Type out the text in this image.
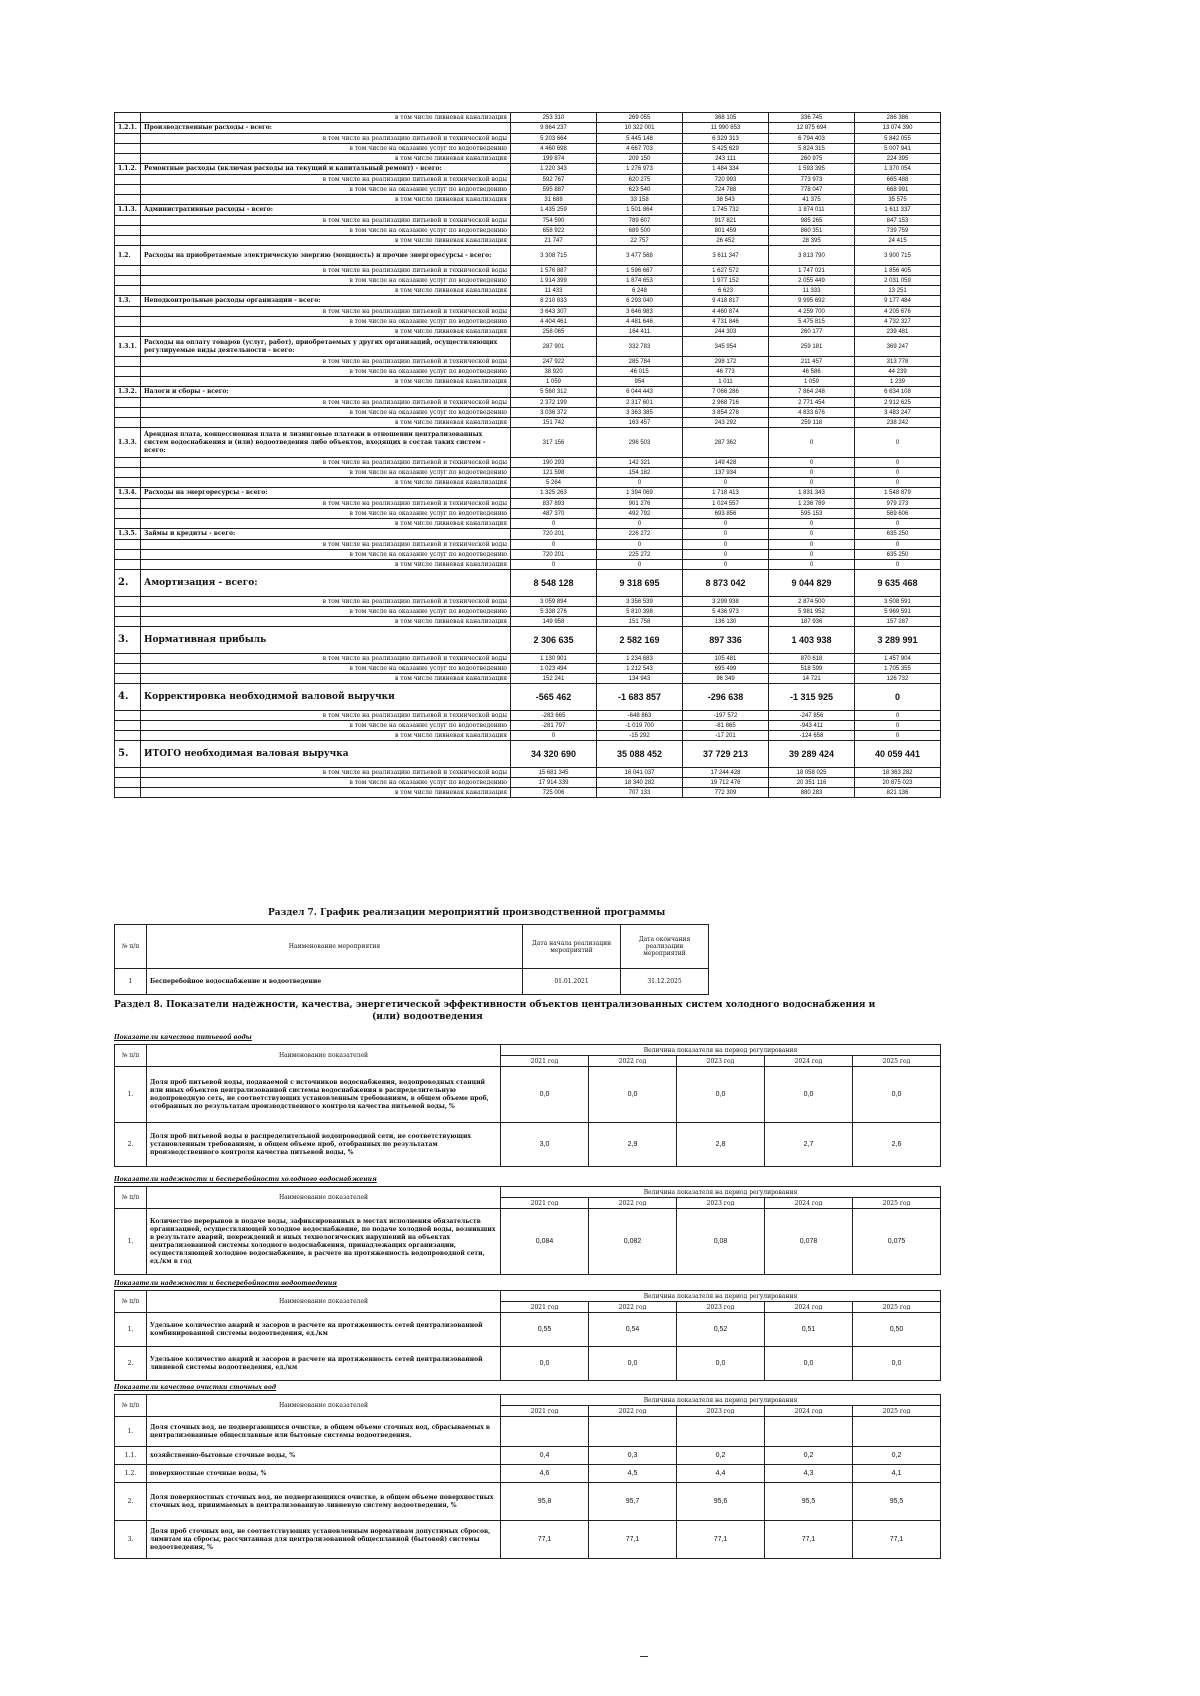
	в том числе ливневая канализация	253 310	269 055	368 105	336 745	286 386
1.2.1.	Производственные расходы - всего:	9 864 237	10 322 001	11 990 853	12 875 694	13 074 390
	в том числе на реализацию питьевой и технической воды	5 203 664	5 445 148	6 329 313	6 794 403	5 842 055
	в том числе на оказание услуг по водоотведению	4 460 698	4 667 703	5 425 629	5 824 315	5 007 941
	в том числе ливневая канализация	199 874	209 150	243 111	260 975	224 395
1.1.2.	Ремонтные расходы (включая расходы на текущий и капитальный ремонт) - всего:	1 220 343	1 276 973	1 484 334	1 593 395	1 370 054
	в том числе на реализацию питьевой и технической воды	592 767	620 275	720 993	773 973	665 488
	в том числе на оказание услуг по водоотведению	595 887	623 540	724 788	778 047	668 991
	в том числе ливневая канализация	31 688	33 158	38 543	41 375	35 575
1.1.3.	Административные расходы - всего:	1 435 259	1 501 864	1 745 732	1 874 011	1 611 337
	в том числе на реализацию питьевой и технической воды	754 590	789 607	917 821	985 265	847 153
	в том числе на оказание услуг по водоотведению	658 922	689 500	801 459	860 351	739 759
	в том числе ливневая канализация	21 747	22 757	26 452	28 395	24 415
1.2.	Расходы на приобретаемые электрическую энергию (мощность) и прочие энергоресурсы - всего:	3 308 715	3 477 568	3 611 347	3 813 790	3 900 715
	в том числе на реализацию питьевой и технической воды	1 576 887	1 596 667	1 627 572	1 747 021	1 856 405
	в том числе на оказание услуг по водоотведению	1 914 399	1 874 653	1 977 152	2 055 449	2 031 059
	в том числе ливневая канализация	11 433	6 248	6 623	11 333	13 251
1.3.	Неподконтрольные расходы организации - всего:	8 210 833	6 293 040	9 418 817	9 995 692	9 177 484
	в том числе на реализацию питьевой и технической воды	3 643 307	3 646 983	4 460 874	4 259 700	4 205 676
	в том числе на оказание услуг по водоотведению	4 404 461	4 481 646	4 731 846	5 475 815	4 732 327
	в том числе ливневая канализация	258 065	164 411	244 303	260 177	239 481
1.3.1.	Расходы на оплату товаров (услуг, работ), приобретаемых у других организаций, осуществляющих регулируемые виды деятельности - всего:	287 901	332 783	345 954	259 181	369 247
	в том числе на реализацию питьевой и технической воды	247 922	285 784	298 172	211 457	313 778
	в том числе на оказание услуг по водоотведению	38 920	46 015	46 773	46 586	44 239
	в том числе ливневая канализация	1 059	954	1 011	1 059	1 239
1.3.2.	Налоги и сборы - всего:	5 560 312	6 044 443	7 066 286	7 864 248	6 634 108
	в том числе на реализацию питьевой и технической воды	2 372 199	2 317 601	2 968 716	2 771 454	2 912 625
	в том числе на оказание услуг по водоотведению	3 036 372	3 363 385	3 854 278	4 833 676	3 483 247
	в том числе ливневая канализация	151 742	163 457	243 292	259 118	238 242
1.3.3.	Арендная плата, концессионная плата и лизинговые платежи в отношении централизованных систем водоснабжения и (или) водоотведения либо объектов, входящих в состав таких систем - всего:	317 156	296 503	287 362	0	0
	в том числе на реализацию питьевой и технической воды	190 293	142 321	149 428	0	0
	в том числе на оказание услуг по водоотведению	121 598	154 182	137 934	0	0
	в том числе ливневая канализация	5 264	0	0	0	0
1.3.4.	Расходы на энергоресурсы - всего:	1 325 263	1 394 069	1 718 413	1 831 343	1 548 879
	в том числе на реализацию питьевой и технической воды	837 893	901 276	1 024 557	1 236 789	979 273
	в том числе на оказание услуг по водоотведению	487 370	492 792	693 856	595 153	569 606
	в том числе ливневая канализация	0	0	0	0	0
1.3.5.	Займы и кредиты - всего:	720 201	226 272	0	0	635 250
	в том числе на реализацию питьевой и технической воды	0	0	0	0	0
	в том числе на оказание услуг по водоотведению	720 201	225 272	0	0	635 250
	в том числе ливневая канализация	0	0	0	0	0
2.	Амортизация - всего:	8 548 128	9 318 695	8 873 042	9 044 829	9 635 468
	в том числе на реализацию питьевой и технической воды	3 059 894	3 356 539	3 299 938	2 874 500	3 508 591
	в том числе на оказание услуг по водоотведению	5 338 276	5 810 398	5 436 973	5 981 952	5 969 591
	в том числе ливневая канализация	149 958	151 758	136 130	187 936	157 287
3.	Нормативная прибыль	2 306 635	2 582 169	897 336	1 403 938	3 289 991
	в том числе на реализацию питьевой и технической воды	1 130 901	1 234 683	105 481	870 618	1 457 904
	в том числе на оказание услуг по водоотведению	1 023 494	1 212 543	695 499	518 599	1 705 355
	в том числе ливневая канализация	152 241	134 943	96 349	14 721	126 732
4.	Корректировка необходимой валовой выручки	-565 462	-1 683 857	-296 638	-1 315 925	0
	в том числе на реализацию питьевой и технической воды	-283 665	-648 863	-197 572	-247 856	0
	в том числе на оказание услуг по водоотведению	-281 797	-1 019 700	-81 865	-943 411	0
	в том числе ливневая канализация	0	-15 292	-17 201	-124 658	0
5.	ИТОГО необходимая валовая выручка	34 320 690	35 088 452	37 729 213	39 289 424	40 059 441
	в том числе на реализацию питьевой и технической воды	15 681 345	16 041 037	17 244 428	18 058 025	18 363 282
	в том числе на оказание услуг по водоотведению	17 914 339	18 340 282	19 712 476	20 351 116	20 875 023
	в том числе ливневая канализация	725 006	707 133	772 309	880 283	821 136
Раздел 7. График реализации мероприятий производственной программы
№ п/п	Наименование мероприятия	Дата начала реализации мероприятий	Дата окончания реализации мероприятий
1	Бесперебойное водоснабжение и водоотведение	01.01.2021	31.12.2025
Раздел 8. Показатели надежности, качества, энергетической эффективности объектов централизованных систем холодного водоснабжения и
(или) водоотведения
Показатели качества питьевой воды
№ п/п	Наименование показателей	Величина показателя на период регулирования				
		2021 год	2022 год	2023 год	2024 год	2025 год
1.	Доля проб питьевой воды, подаваемой с источников водоснабжения, водопроводных станций или иных объектов централизованной системы водоснабжения в распределительную водопроводную сеть, не соответствующих установленным требованиям, в общем объеме проб, отобранных по результатам производственного контроля качества питьевой воды, %	0,0	0,0	0,0	0,0	0,0
2.	Доля проб питьевой воды в распределительной водопроводной сети, не соответствующих установленным требованиям, в общем объеме проб, отобранных по результатам производственного контроля качества питьевой воды, %	3,0	2,9	2,8	2,7	2,6
Показатели надежности и бесперебойности холодного водоснабжения
№ п/п	Наименование показателей	Величина показателя на период регулирования				
		2021 год	2022 год	2023 год	2024 год	2025 год
1.	Количество перерывов в подаче воды, зафиксированных в местах исполнения обязательств организацией, осуществляющей холодное водоснабжение, по подаче холодной воды, возникших в результате аварий, повреждений и иных технологических нарушений на объектах централизованной системы холодного водоснабжения, принадлежащих организации, осуществляющей холодное водоснабжение, в расчете на протяженность водопроводной сети, ед./км в год	0,084	0,082	0,08	0,078	0,075
Показатели надежности и бесперебойности водоотведения
№ п/п	Наименование показателей	Величина показателя на период регулирования				
		2021 год	2022 год	2023 год	2024 год	2025 год
1.	Удельное количество аварий и засоров в расчете на протяженность сетей централизованной комбинированной системы водоотведения, ед./км	0,55	0,54	0,52	0,51	0,50
2.	Удельное количество аварий и засоров в расчете на протяженность сетей централизованной ливневой системы водоотведения, ед./км	0,0	0,0	0,0	0,0	0,0
Показатели качества очистки сточных вод
№ п/п	Наименование показателей	Величина показателя на период регулирования				
		2021 год	2022 год	2023 год	2024 год	2025 год
1.	Доля сточных вод, не подвергающихся очистке, в общем объеме сточных вод, сбрасываемых в централизованные общесплавные или бытовые системы водоотведения.					
1.1.	хозяйственно-бытовые сточные воды, %	0,4	0,3	0,2	0,2	0,2
1.2.	поверхностные сточные воды, %	4,6	4,5	4,4	4,3	4,1
2.	Доля поверхностных сточных вод, не подвергающихся очистке, в общем объеме поверхностных сточных вод, принимаемых в централизованную ливневую систему водоотведения, %	95,8	95,7	95,6	95,5	95,5
3.	Доля проб сточных вод, не соответствующих установленным нормативам допустимых сбросов, лимитам на сбросы, рассчитанная для централизованной общесплавной (бытовой) системы водоотведения, %	77,1	77,1	77,1	77,1	77,1
